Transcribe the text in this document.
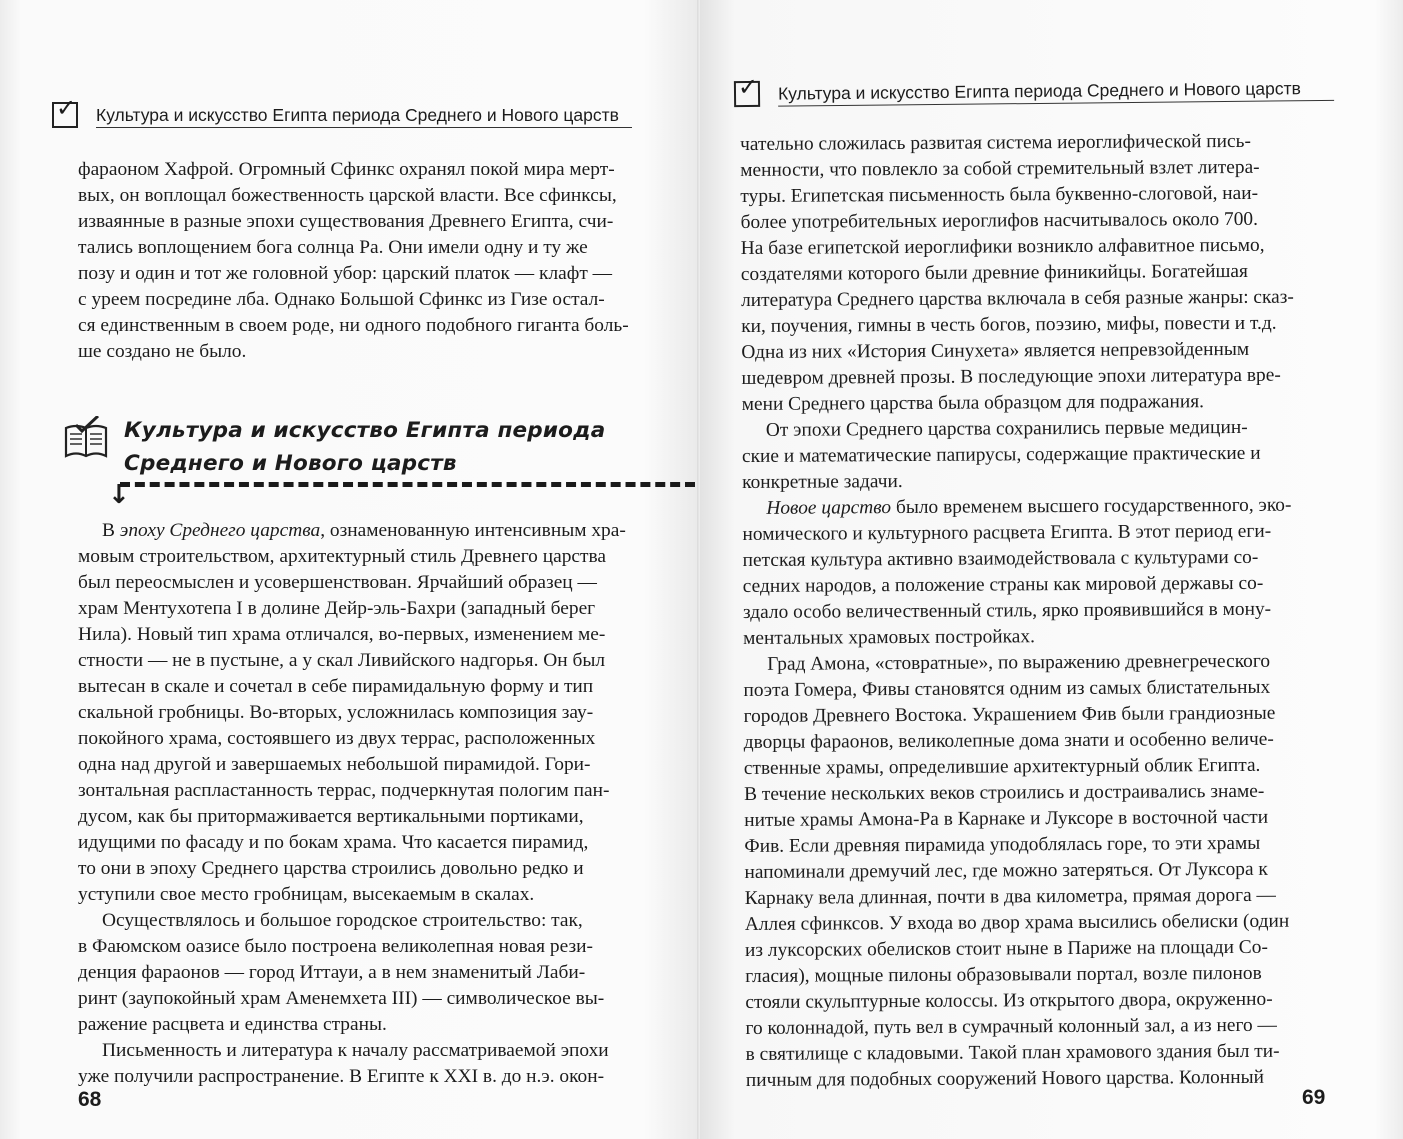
✓ Культура и искусство Египта периода Среднего и Нового царств

фараоном Хафрой. Огромный Сфинкс охранял покой мира мерт-

вых, он воплощал божественность царской власти. Все сфинксы,

изваянные в разные эпохи существования Древнего Египта, счи-

тались воплощением бога солнца Ра. Они имели одну и ту же

позу и один и тот же головной убор: царский платок — клафт —

с уреем посредине лба. Однако Большой Сфинкс из Гизе остал-

ся единственным в своем роде, ни одного подобного гиганта боль-

ше создано не было.

Культура и искусство Египта периода
Среднего и Нового царств
↓

В эпоху Среднего царства, ознаменованную интенсивным хра-

мовым строительством, архитектурный стиль Древнего царства

был переосмыслен и усовершенствован. Ярчайший образец —

храм Ментухотепа I в долине Дейр-эль-Бахри (западный берег

Нила). Новый тип храма отличался, во-первых, изменением ме-

стности — не в пустыне, а у скал Ливийского надгорья. Он был

вытесан в скале и сочетал в себе пирамидальную форму и тип

скальной гробницы. Во-вторых, усложнилась композиция зау-

покойного храма, состоявшего из двух террас, расположенных

одна над другой и завершаемых небольшой пирамидой. Гори-

зонтальная распластанность террас, подчеркнутая пологим пан-

дусом, как бы притормаживается вертикальными портиками,

идущими по фасаду и по бокам храма. Что касается пирамид,

то они в эпоху Среднего царства строились довольно редко и

уступили свое место гробницам, высекаемым в скалах.

Осуществлялось и большое городское строительство: так,

в Фаюмском оазисе было построена великолепная новая рези-

денция фараонов — город Иттауи, а в нем знаменитый Лаби-

ринт (заупокойный храм Аменемхета III) — символическое вы-

ражение расцвета и единства страны.

Письменность и литература к началу рассматриваемой эпохи

уже получили распространение. В Египте к XXI в. до н.э. окон-

68
✓ Культура и искусство Египта периода Среднего и Нового царств

чательно сложилась развитая система иероглифической пись-

менности, что повлекло за собой стремительный взлет литера-

туры. Египетская письменность была буквенно-слоговой, наи-

более употребительных иероглифов насчитывалось около 700.

На базе египетской иероглифики возникло алфавитное письмо,

создателями которого были древние финикийцы. Богатейшая

литература Среднего царства включала в себя разные жанры: сказ-

ки, поучения, гимны в честь богов, поэзию, мифы, повести и т.д.

Одна из них «История Синухета» является непревзойденным

шедевром древней прозы. В последующие эпохи литература вре-

мени Среднего царства была образцом для подражания.

От эпохи Среднего царства сохранились первые медицин-

ские и математические папирусы, содержащие практические и

конкретные задачи.

Новое царство было временем высшего государственного, эко-

номического и культурного расцвета Египта. В этот период еги-

петская культура активно взаимодействовала с культурами со-

седних народов, а положение страны как мировой державы со-

здало особо величественный стиль, ярко проявившийся в мону-

ментальных храмовых постройках.

Град Амона, «стовратные», по выражению древнегреческого

поэта Гомера, Фивы становятся одним из самых блистательных

городов Древнего Востока. Украшением Фив были грандиозные

дворцы фараонов, великолепные дома знати и особенно величе-

ственные храмы, определившие архитектурный облик Египта.

В течение нескольких веков строились и достраивались знаме-

нитые храмы Амона-Ра в Карнаке и Луксоре в восточной части

Фив. Если древняя пирамида уподоблялась горе, то эти храмы

напоминали дремучий лес, где можно затеряться. От Луксора к

Карнаку вела длинная, почти в два километра, прямая дорога —

Аллея сфинксов. У входа во двор храма высились обелиски (один

из луксорских обелисков стоит ныне в Париже на площади Со-

гласия), мощные пилоны образовывали портал, возле пилонов

стояли скульптурные колоссы. Из открытого двора, окруженно-

го колоннадой, путь вел в сумрачный колонный зал, а из него —

в святилище с кладовыми. Такой план храмового здания был ти-

пичным для подобных сооружений Нового царства. Колонный

69
